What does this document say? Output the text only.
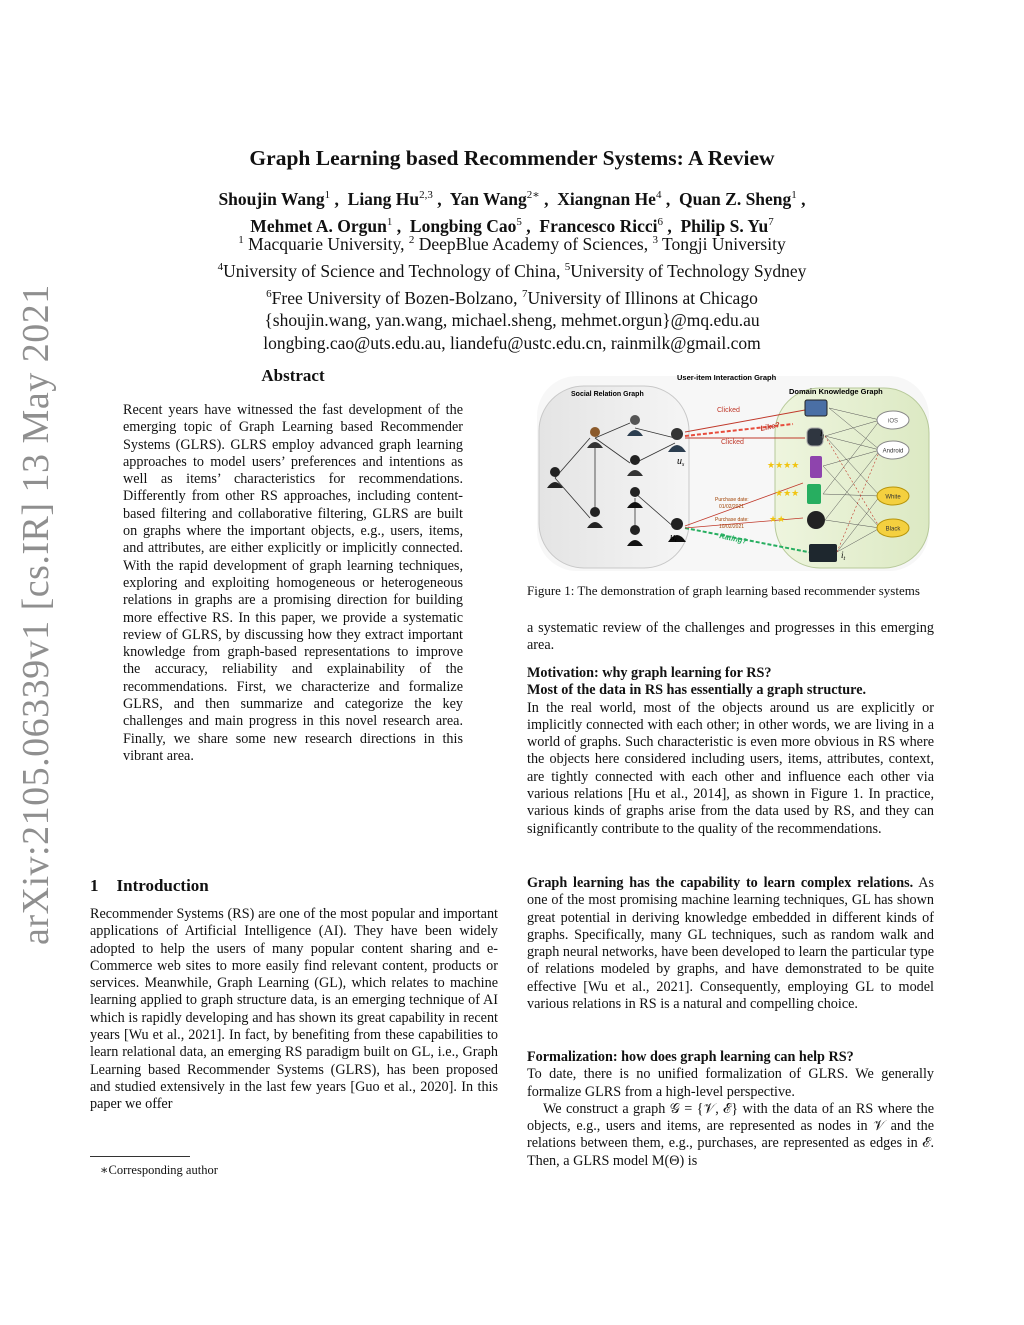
arXiv:2105.06339v1 [cs.IR] 13 May 2021
Graph Learning based Recommender Systems: A Review
Shoujin Wang$^1$ ,  Liang Hu$^{2,3}$ ,  Yan Wang$^{2∗}$ ,  Xiangnan He$^4$ ,  Quan Z. Sheng$^1$ ,
Mehmet A. Orgun$^1$ ,  Longbing Cao$^5$ ,  Francesco Ricci$^6$ ,  Philip S. Yu$^7$
$^1$ Macquarie University, $^2$ DeepBlue Academy of Sciences, $^3$ Tongji University
$^4$University of Science and Technology of China, $^5$University of Technology Sydney
$^6$Free University of Bozen-Bolzano, $^7$University of Illinons at Chicago
{shoujin.wang, yan.wang, michael.sheng, mehmet.orgun}@mq.edu.au
longbing.cao@uts.edu.au, liandefu@ustc.edu.cn, rainmilk@gmail.com
Abstract
Recent years have witnessed the fast development of the emerging topic of Graph Learning based Recommender Systems (GLRS). GLRS employ advanced graph learning approaches to model users’ preferences and intentions as well as items’ characteristics for recommendations. Differently from other RS approaches, including content-based filtering and collaborative filtering, GLRS are built on graphs where the important objects, e.g., users, items, and attributes, are either explicitly or implicitly connected. With the rapid development of graph learning techniques, exploring and exploiting homogeneous or heterogeneous relations in graphs are a promising direction for building more effective RS. In this paper, we provide a systematic review of GLRS, by discussing how they extract important knowledge from graph-based representations to improve the accuracy, reliability and explainability of the recommendations. First, we characterize and formalize GLRS, and then summarize and categorize the key challenges and main progress in this novel research area. Finally, we share some new research directions in this vibrant area.
1 Introduction
Recommender Systems (RS) are one of the most popular and important applications of Artificial Intelligence (AI). They have been widely adopted to help the users of many popular content sharing and e-Commerce web sites to more easily find relevant content, products or services. Meanwhile, Graph Learning (GL), which relates to machine learning applied to graph structure data, is an emerging technique of AI which is rapidly developing and has shown its great capability in recent years [Wu et al., 2021]. In fact, by benefiting from these capabilities to learn relational data, an emerging RS paradigm built on GL, i.e., Graph Learning based Recommender Systems (GLRS), has been proposed and studied extensively in the last few years [Guo et al., 2020]. In this paper we offer
∗Corresponding author
User-item Interaction Graph
Social Relation Graph	Domain Knowledge Graph
$u_s$
$u_t$
Clicked
Like?
Clicked
Purchase date:
01/02/2021
Purchase date:
10/02/2021
Rating?
★★★★
★★★
★★
$i_j$
$i_t$
iOS
Android
White
Black
Figure 1: The demonstration of graph learning based recommender systems
a systematic review of the challenges and progresses in this emerging area.

Motivation: why graph learning for RS?

Most of the data in RS has essentially a graph structure.

In the real world, most of the objects around us are explicitly or implicitly connected with each other; in other words, we are living in a world of graphs. Such characteristic is even more obvious in RS where the objects here considered including users, items, attributes, context, are tightly connected with each other and influence each other via various relations [Hu et al., 2014], as shown in Figure 1. In practice, various kinds of graphs arise from the data used by RS, and they can significantly contribute to the quality of the recommendations.

Graph learning has the capability to learn complex relations. As one of the most promising machine learning techniques, GL has shown great potential in deriving knowledge embedded in different kinds of graphs. Specifically, many GL techniques, such as random walk and graph neural networks, have been developed to learn the particular type of relations modeled by graphs, and have demonstrated to be quite effective [Wu et al., 2021]. Consequently, employing GL to model various relations in RS is a natural and compelling choice.

Formalization: how does graph learning can help RS?

To date, there is no unified formalization of GLRS. We generally formalize GLRS from a high-level perspective.

We construct a graph 𝒢 = {𝒱, ℰ} with the data of an RS where the objects, e.g., users and items, are represented as nodes in 𝒱 and the relations between them, e.g., purchases, are represented as edges in ℰ. Then, a GLRS model M(Θ) is
